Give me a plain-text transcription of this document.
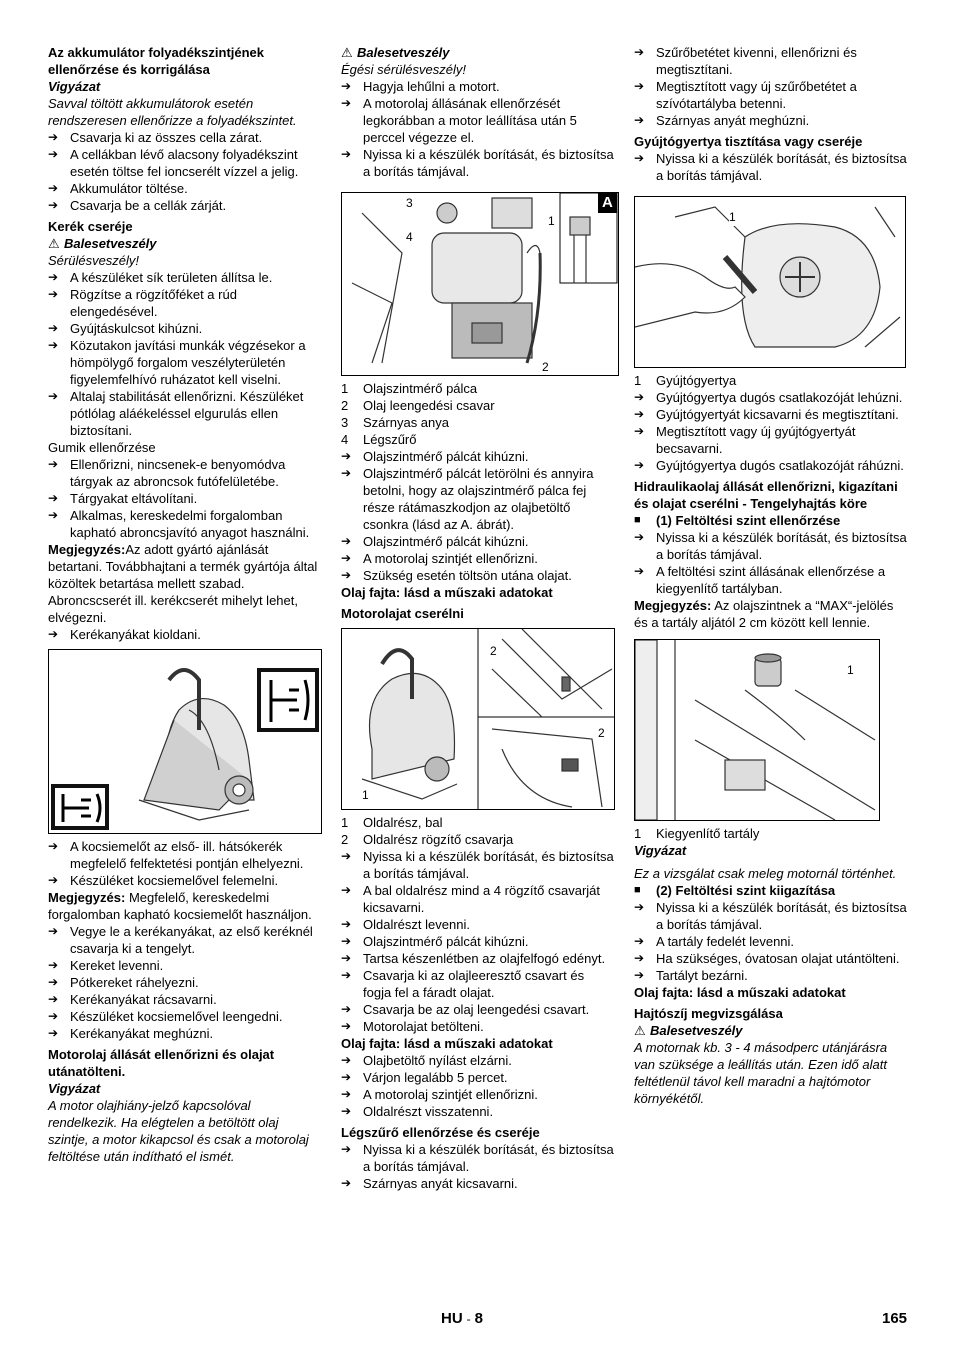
Az akkumulátor folyadékszintjének ellenőrzése és korrigálása

Vigyázat

Savval töltött akkumulátorok esetén rendszeresen ellenőrizze a folyadékszintet.

➔ Csavarja ki az összes cella zárat.
➔ A cellákban lévő alacsony folyadékszint esetén töltse fel ioncserélt vízzel a jelig.
➔ Akkumulátor töltése.
➔ Csavarja be a cellák zárját.

Kerék cseréje

⚠ Balesetveszély

Sérülésveszély!

➔ A készüléket sík területen állítsa le.
➔ Rögzítse a rögzítőféket a rúd elengedésével.
➔ Gyújtáskulcsot kihúzni.
➔ Közutakon javítási munkák végzésekor a hömpölygő forgalom veszélyterületén figyelemfelhívó ruházatot kell viselni.
➔ Altalaj stabilitását ellenőrizni. Készüléket pótlólag aláékeléssel elgurulás ellen biztosítani.

Gumik ellenőrzése

➔ Ellenőrizni, nincsenek-e benyomódva tárgyak az abroncsok futófelületébe.
➔ Tárgyakat eltávolítani.
➔ Alkalmas, kereskedelmi forgalomban kapható abroncsjavító anyagot használni.

Megjegyzés:Az adott gyártó ajánlását betartani. Továbbhajtani a termék gyártója által közöltek betartása mellett szabad. Abroncscserét ill. kerékcserét mihelyt lehet, elvégezni.

➔ Kerékanyákat kioldani.
➔ A kocsiemelőt az első- ill. hátsókerék megfelelő felfektetési pontján elhelyezni.
➔ Készüléket kocsiemelővel felemelni.

Megjegyzés: Megfelelő, kereskedelmi forgalomban kapható kocsiemelőt használjon.

➔ Vegye le a kerékanyákat, az első keréknél csavarja ki a tengelyt.
➔ Kereket levenni.
➔ Pótkereket ráhelyezni.
➔ Kerékanyákat rácsavarni.
➔ Készüléket kocsiemelővel leengedni.
➔ Kerékanyákat meghúzni.

Motorolaj állását ellenőrizni és olajat utánatölteni.

Vigyázat

A motor olajhiány-jelző kapcsolóval rendelkezik. Ha elégtelen a betöltött olaj szintje, a motor kikapcsol és csak a motorolaj feltöltése után indítható el ismét.

⚠ Balesetveszély

Égési sérülésveszély!

➔ Hagyja lehűlni a motort.
➔ A motorolaj állásának ellenőrzését legkorábban a motor leállítása után 5 perccel végezze el.
➔ Nyissa ki a készülék borítását, és biztosítsa a borítás támjával.
3
4
1
2
A
1	Olajszintmérő pálca
2	Olaj leengedési csavar
3	Szárnyas anya
4	Légszűrő
➔ Olajszintmérő pálcát kihúzni.
➔ Olajszintmérő pálcát letörölni és annyira betolni, hogy az olajszintmérő pálca fej része rátámaszkodjon az olajbetöltő csonkra (lásd az A. ábrát).
➔ Olajszintmérő pálcát kihúzni.
➔ A motorolaj szintjét ellenőrizni.
➔ Szükség esetén töltsön utána olajat.

Olaj fajta: lásd a műszaki adatokat

Motorolajat cserélni

2
2
1
1	Oldalrész, bal
2	Oldalrész rögzítő csavarja
➔ Nyissa ki a készülék borítását, és biztosítsa a borítás támjával.
➔ A bal oldalrész mind a 4 rögzítő csavarját kicsavarni.
➔ Oldalrészt levenni.
➔ Olajszintmérő pálcát kihúzni.
➔ Tartsa készenlétben az olajfelfogó edényt.
➔ Csavarja ki az olajleeresztő csavart és fogja fel a fáradt olajat.
➔ Csavarja be az olaj leengedési csavart.
➔ Motorolajat betölteni.

Olaj fajta: lásd a műszaki adatokat

➔ Olajbetöltő nyílást elzárni.
➔ Várjon legalább 5 percet.
➔ A motorolaj szintjét ellenőrizni.
➔ Oldalrészt visszatenni.

Légszűrő ellenőrzése és cseréje

➔ Nyissa ki a készülék borítását, és biztosítsa a borítás támjával.
➔ Szárnyas anyát kicsavarni.
➔ Szűrőbetétet kivenni, ellenőrizni és megtisztítani.
➔ Megtisztított vagy új szűrőbetétet a szívótartályba betenni.
➔ Szárnyas anyát meghúzni.

Gyújtógyertya tisztítása vagy cseréje

➔ Nyissa ki a készülék borítását, és biztosítsa a borítás támjával.
1
1	Gyújtógyertya
➔ Gyújtógyertya dugós csatlakozóját lehúzni.
➔ Gyújtógyertyát kicsavarni és megtisztítani.
➔ Megtisztított vagy új gyújtógyertyát becsavarni.
➔ Gyújtógyertya dugós csatlakozóját ráhúzni.

Hidraulikaolaj állását ellenőrizni, kigazítani és olajat cserélni - Tengelyhajtás köre

■	(1) Feltöltési szint ellenőrzése
➔ Nyissa ki a készülék borítását, és biztosítsa a borítás támjával.
➔ A feltöltési szint állásának ellenőrzése a kiegyenlítő tartályban.

Megjegyzés: Az olajszintnek a “MAX“-jelölés és a tartály aljától 2 cm között kell lennie.

1
1	Kiegyenlítő tartály

Vigyázat

Ez a vizsgálat csak meleg motornál történhet.

■	(2) Feltöltési szint kiigazítása
➔ Nyissa ki a készülék borítását, és biztosítsa a borítás támjával.
➔ A tartály fedelét levenni.
➔ Ha szükséges, óvatosan olajat utántölteni.
➔ Tartályt bezárni.

Olaj fajta: lásd a műszaki adatokat

Hajtószíj megvizsgálása

⚠ Balesetveszély

A motornak kb. 3 - 4 másodperc utánjárásra van szüksége a leállítás után. Ezen idő alatt feltétlenül távol kell maradni a hajtómotor környékétől.

HU - 8	165
